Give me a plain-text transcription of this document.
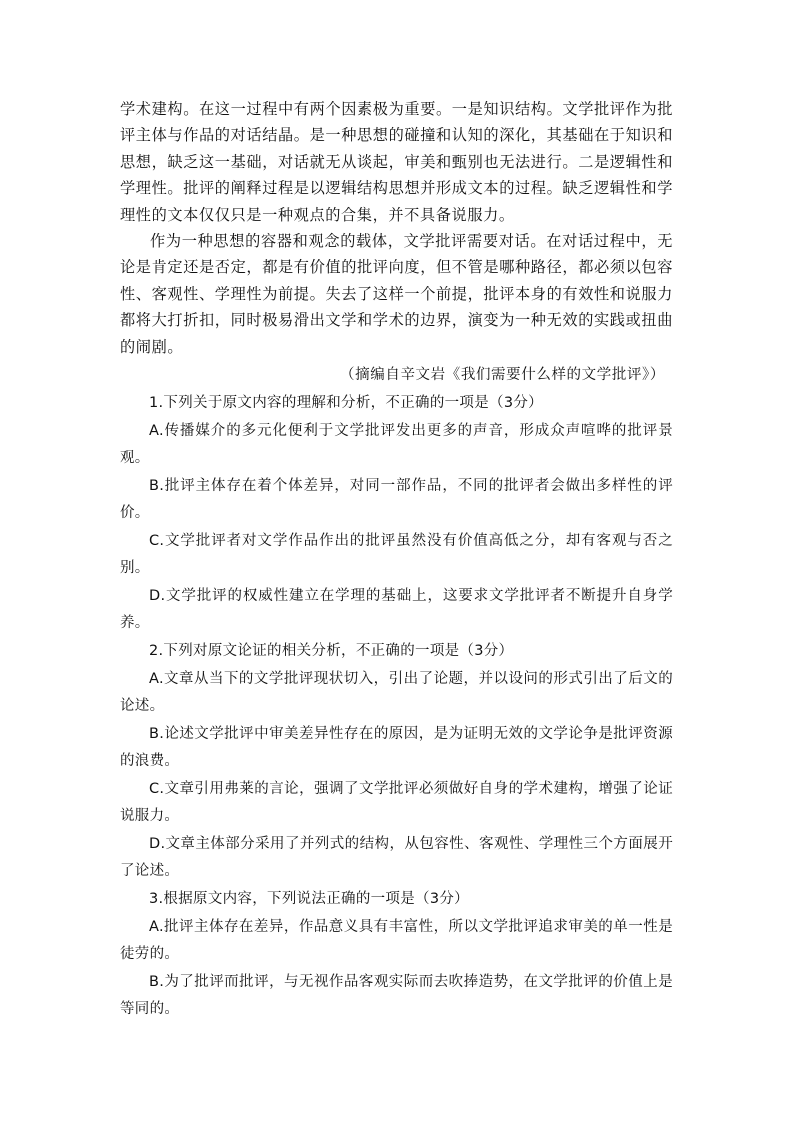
学术建构。在这一过程中有两个因素极为重要。一是知识结构。文学批评作为批评主体与作品的对话结晶。是一种思想的碰撞和认知的深化，其基础在于知识和思想，缺乏这一基础，对话就无从谈起，审美和甄别也无法进行。二是逻辑性和学理性。批评的阐释过程是以逻辑结构思想并形成文本的过程。缺乏逻辑性和学理性的文本仅仅只是一种观点的合集，并不具备说服力。

作为一种思想的容器和观念的载体，文学批评需要对话。在对话过程中，无论是肯定还是否定，都是有价值的批评向度，但不管是哪种路径，都必须以包容性、客观性、学理性为前提。失去了这样一个前提，批评本身的有效性和说服力都将大打折扣，同时极易滑出文学和学术的边界，演变为一种无效的实践或扭曲的闹剧。

（摘编自辛文岩《我们需要什么样的文学批评》）

1.下列关于原文内容的理解和分析，不正确的一项是（3分）

A.传播媒介的多元化便利于文学批评发出更多的声音，形成众声喧哗的批评景观。

B.批评主体存在着个体差异，对同一部作品，不同的批评者会做出多样性的评价。

C.文学批评者对文学作品作出的批评虽然没有价值高低之分，却有客观与否之别。

D.文学批评的权威性建立在学理的基础上，这要求文学批评者不断提升自身学养。

2.下列对原文论证的相关分析，不正确的一项是（3分）

A.文章从当下的文学批评现状切入，引出了论题，并以设问的形式引出了后文的论述。

B.论述文学批评中审美差异性存在的原因，是为证明无效的文学论争是批评资源的浪费。

C.文章引用弗莱的言论，强调了文学批评必须做好自身的学术建构，增强了论证说服力。

D.文章主体部分采用了并列式的结构，从包容性、客观性、学理性三个方面展开了论述。

3.根据原文内容，下列说法正确的一项是（3分）

A.批评主体存在差异，作品意义具有丰富性，所以文学批评追求审美的单一性是徒劳的。

B.为了批评而批评，与无视作品客观实际而去吹捧造势，在文学批评的价值上是等同的。
